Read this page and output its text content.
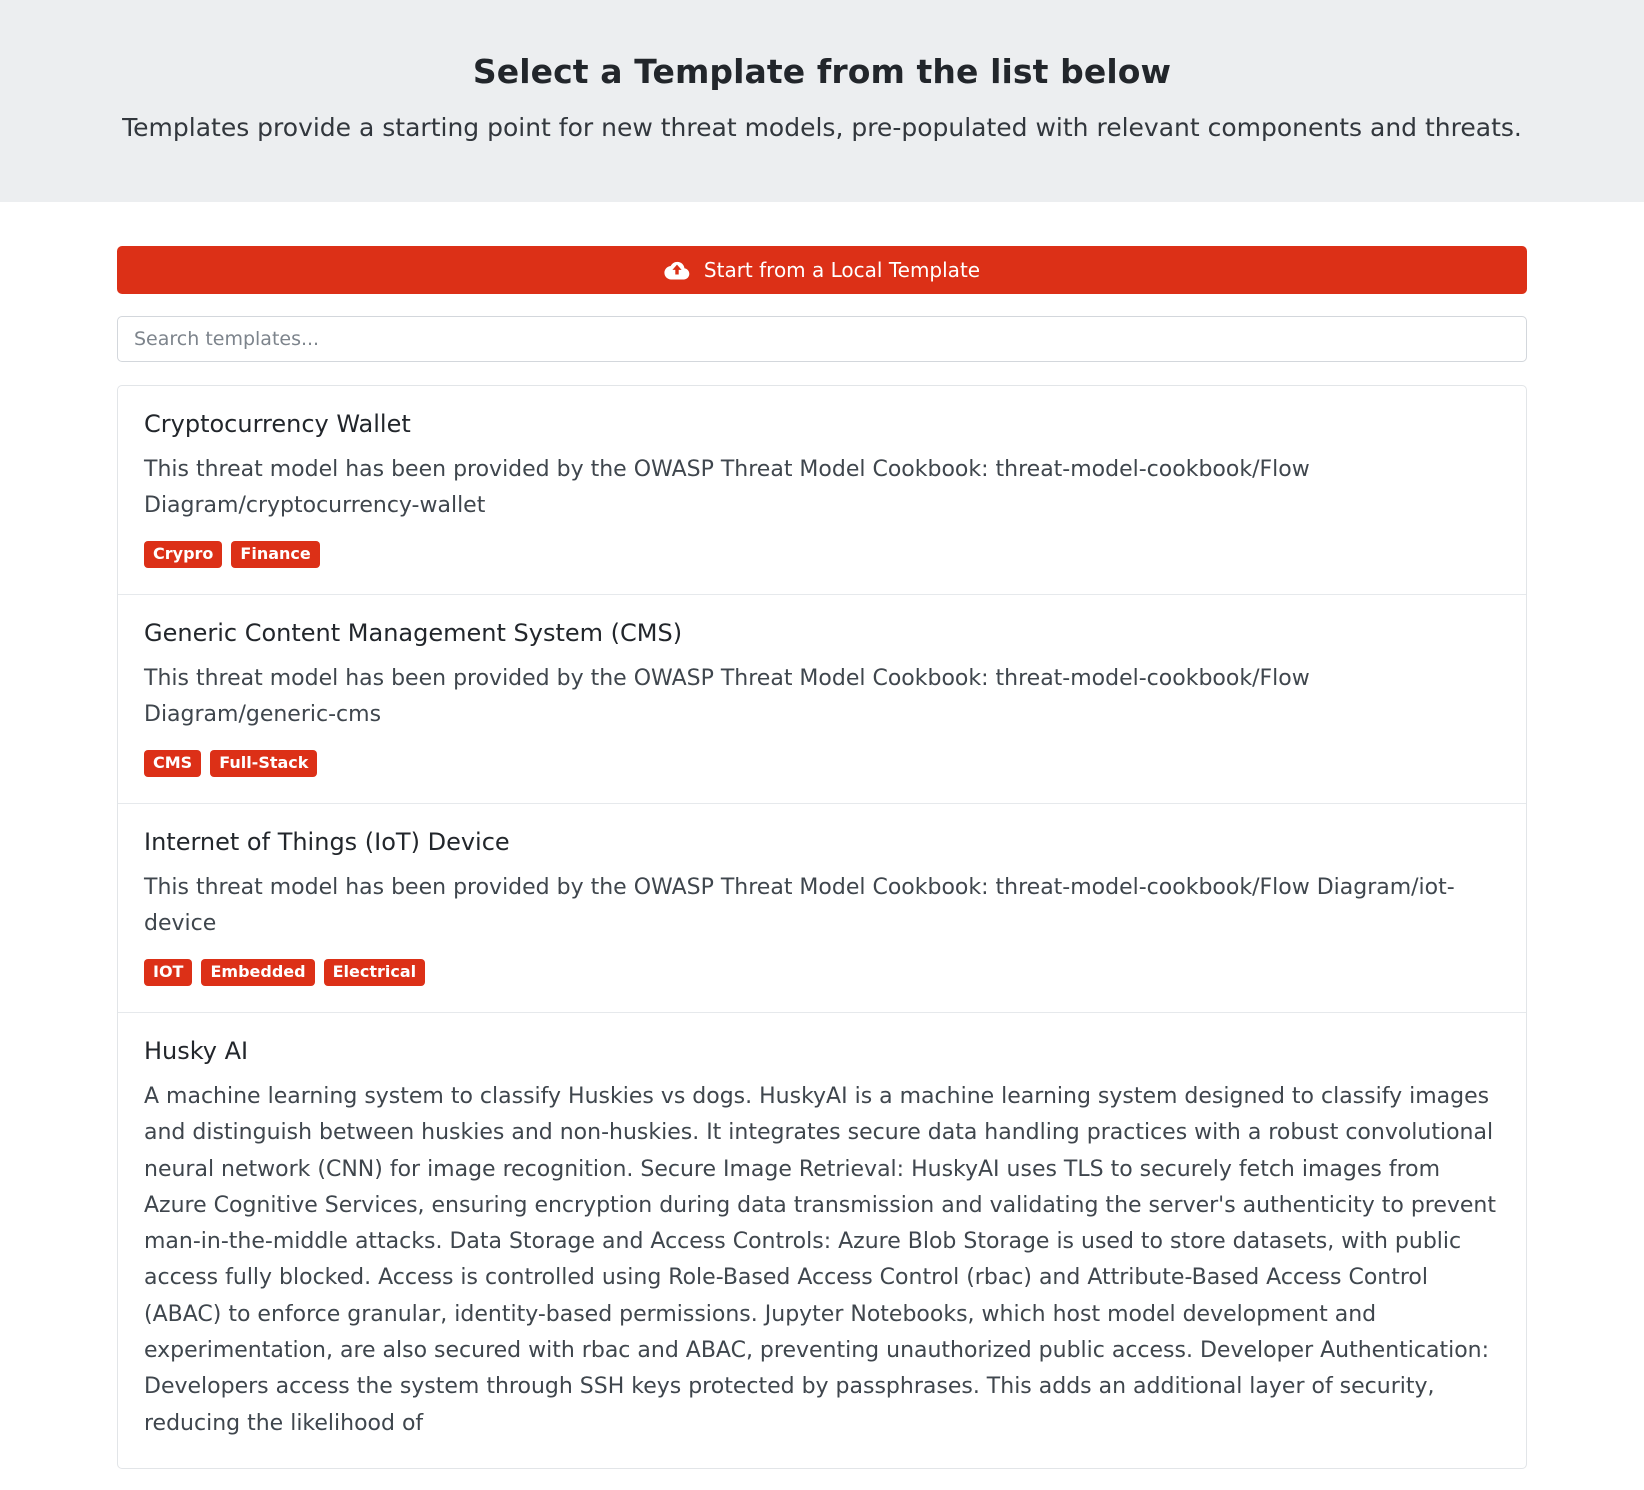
Select a Template from the list below

Templates provide a starting point for new threat models, pre-populated with relevant components and threats.

Start from a Local Template
Search templates...
Cryptocurrency Wallet

This threat model has been provided by the OWASP Threat Model Cookbook: threat-model-cookbook/Flow Diagram/cryptocurrency-wallet

Crypro	Finance
Generic Content Management System (CMS)

This threat model has been provided by the OWASP Threat Model Cookbook: threat-model-cookbook/Flow Diagram/generic-cms

CMS	Full-Stack
Internet of Things (IoT) Device

This threat model has been provided by the OWASP Threat Model Cookbook: threat-model-cookbook/Flow Diagram/iot-device

IOT	Embedded	Electrical
Husky AI

A machine learning system to classify Huskies vs dogs. HuskyAI is a machine learning system designed to classify images and distinguish between huskies and non-huskies. It integrates secure data handling practices with a robust convolutional neural network (CNN) for image recognition. Secure Image Retrieval: HuskyAI uses TLS to securely fetch images from Azure Cognitive Services, ensuring encryption during data transmission and validating the server's authenticity to prevent man-in-the-middle attacks. Data Storage and Access Controls: Azure Blob Storage is used to store datasets, with public access fully blocked. Access is controlled using Role-Based Access Control (rbac) and Attribute-Based Access Control (ABAC) to enforce granular, identity-based permissions. Jupyter Notebooks, which host model development and experimentation, are also secured with rbac and ABAC, preventing unauthorized public access. Developer Authentication: Developers access the system through SSH keys protected by passphrases. This adds an additional layer of security, reducing the likelihood of
